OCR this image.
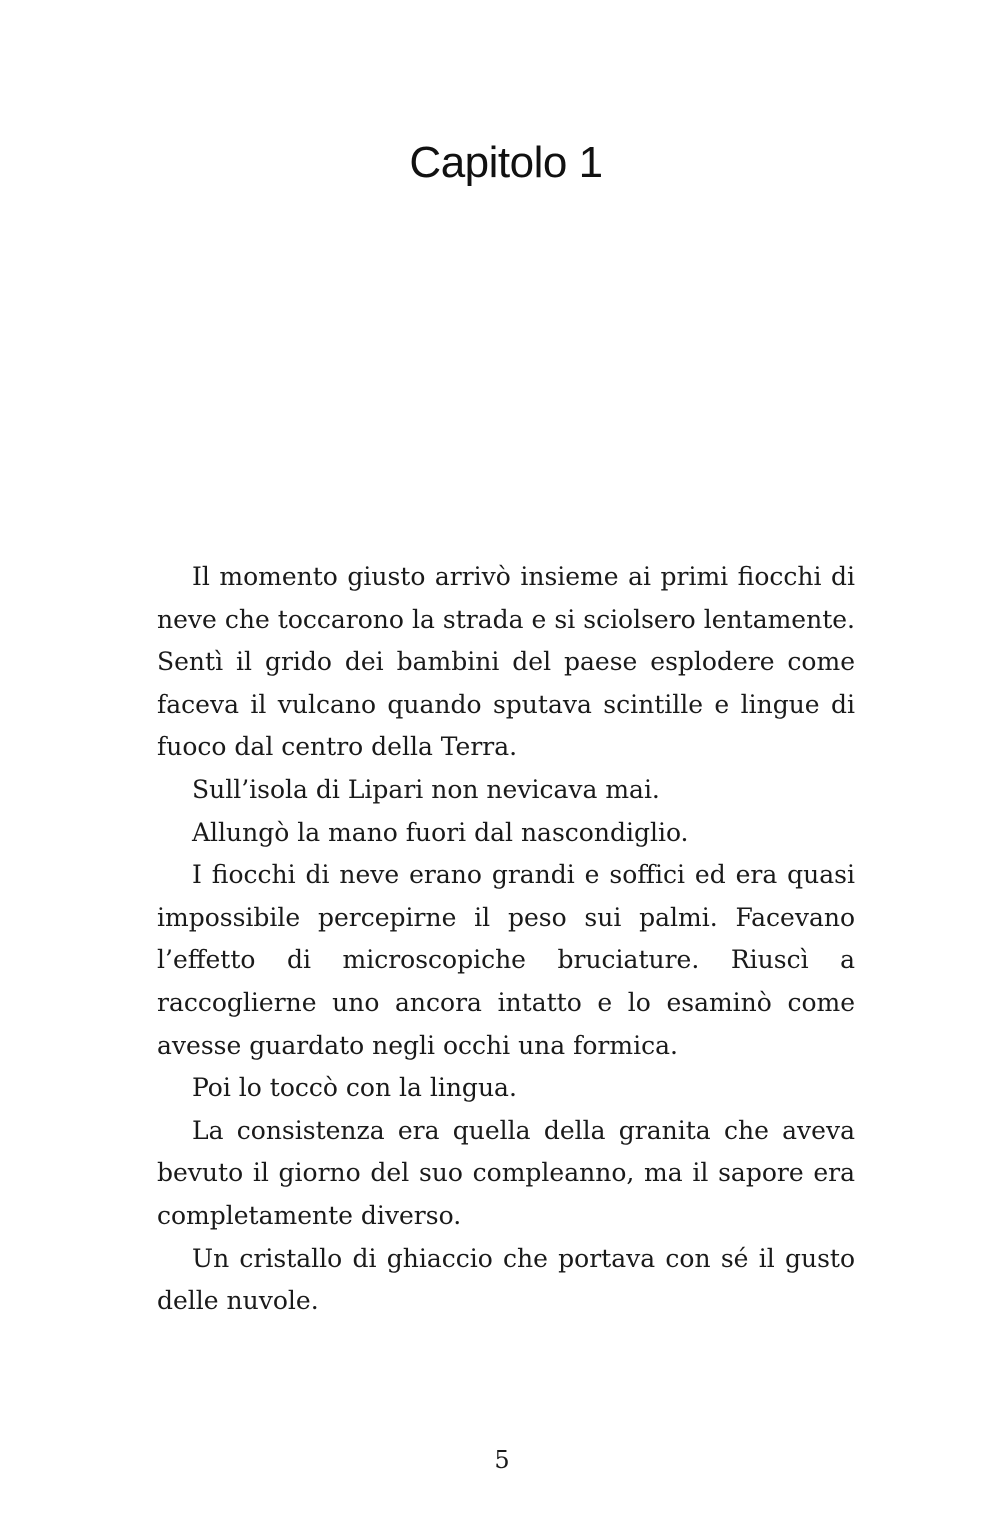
Capitolo 1

Il momento giusto arrivò insieme ai primi fiocchi di neve che toccarono la strada e si sciolsero lentamente. Sentì il grido dei bambini del paese esplodere come faceva il vulcano quando sputava scintille e lingue di fuoco dal centro della Terra.

Sull’isola di Lipari non nevicava mai.

Allungò la mano fuori dal nascondiglio.

I fiocchi di neve erano grandi e soffici ed era quasi impossibile percepirne il peso sui palmi. Facevano l’effetto di microscopiche bruciature. Riuscì a raccoglierne uno ancora intatto e lo esaminò come avesse guardato negli occhi una formica.

Poi lo toccò con la lingua.

La consistenza era quella della granita che aveva bevuto il giorno del suo compleanno, ma il sapore era completamente diverso.

Un cristallo di ghiaccio che portava con sé il gusto delle nuvole.

5
